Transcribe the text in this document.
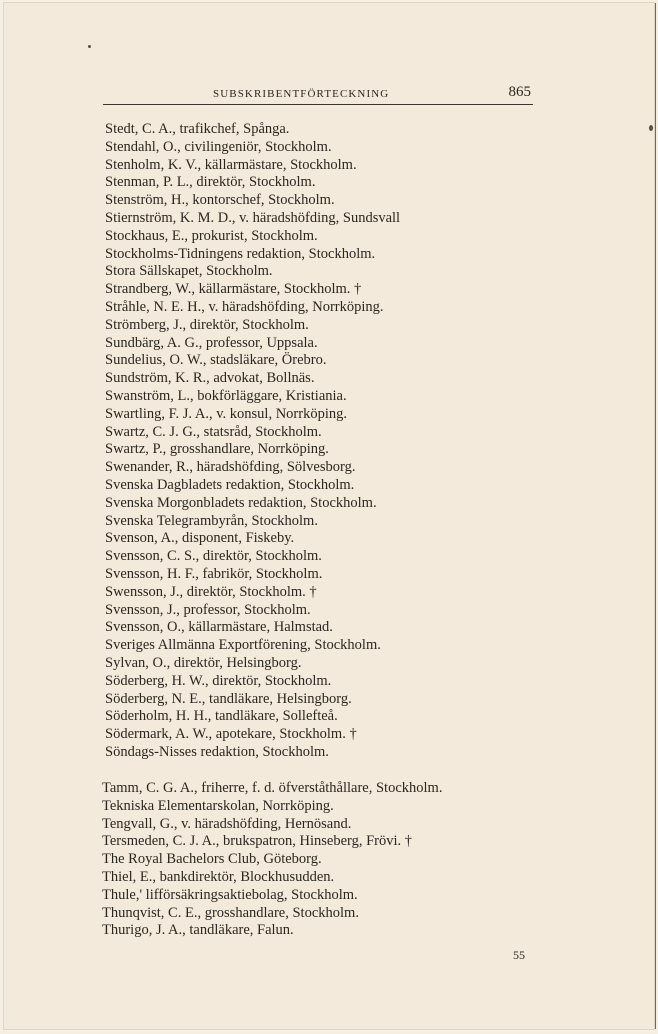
SUBSKRIBENTFÖRTECKNING	865
Stedt, C. A., trafikchef, Spånga.
Stendahl, O., civilingeniör, Stockholm.
Stenholm, K. V., källarmästare, Stockholm.
Stenman, P. L., direktör, Stockholm.
Stenström, H., kontorschef, Stockholm.
Stiernström, K. M. D., v. häradshöfding, Sundsvall
Stockhaus, E., prokurist, Stockholm.
Stockholms-Tidningens redaktion, Stockholm.
Stora Sällskapet, Stockholm.
Strandberg, W., källarmästare, Stockholm. †
Stråhle, N. E. H., v. häradshöfding, Norrköping.
Strömberg, J., direktör, Stockholm.
Sundbärg, A. G., professor, Uppsala.
Sundelius, O. W., stadsläkare, Örebro.
Sundström, K. R., advokat, Bollnäs.
Swanström, L., bokförläggare, Kristiania.
Swartling, F. J. A., v. konsul, Norrköping.
Swartz, C. J. G., statsråd, Stockholm.
Swartz, P., grosshandlare, Norrköping.
Swenander, R., häradshöfding, Sölvesborg.
Svenska Dagbladets redaktion, Stockholm.
Svenska Morgonbladets redaktion, Stockholm.
Svenska Telegrambyrån, Stockholm.
Svenson, A., disponent, Fiskeby.
Svensson, C. S., direktör, Stockholm.
Svensson, H. F., fabrikör, Stockholm.
Swensson, J., direktör, Stockholm. †
Svensson, J., professor, Stockholm.
Svensson, O., källarmästare, Halmstad.
Sveriges Allmänna Exportförening, Stockholm.
Sylvan, O., direktör, Helsingborg.
Söderberg, H. W., direktör, Stockholm.
Söderberg, N. E., tandläkare, Helsingborg.
Söderholm, H. H., tandläkare, Sollefteå.
Södermark, A. W., apotekare, Stockholm. †
Söndags-Nisses redaktion, Stockholm.
Tamm, C. G. A., friherre, f. d. öfverståthållare, Stockholm.
Tekniska Elementarskolan, Norrköping.
Tengvall, G., v. häradshöfding, Hernösand.
Tersmeden, C. J. A., brukspatron, Hinseberg, Frövi. †
The Royal Bachelors Club, Göteborg.
Thiel, E., bankdirektör, Blockhusudden.
Thule,' lifförsäkringsaktiebolag, Stockholm.
Thunqvist, C. E., grosshandlare, Stockholm.
Thurigo, J. A., tandläkare, Falun.
55
